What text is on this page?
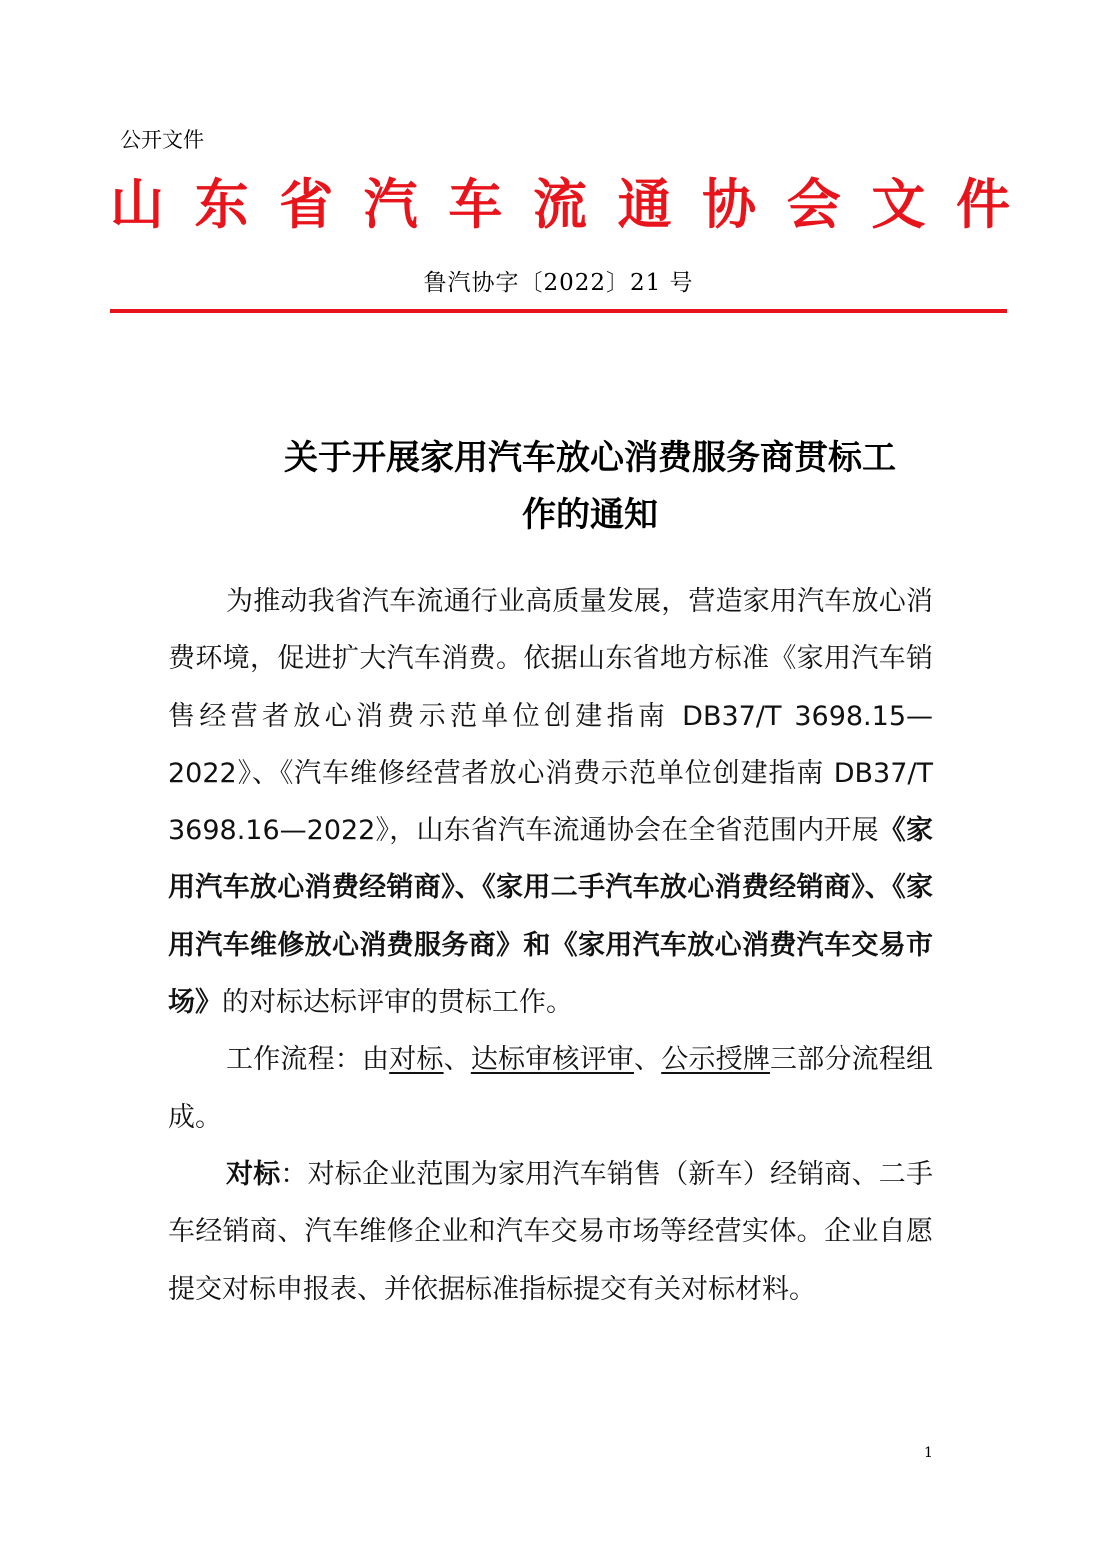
公开文件
山 东 省 汽 车 流 通 协 会 文 件
鲁汽协字〔2022〕21 号
关于开展家用汽车放心消费服务商贯标工
作的通知

为推动我省汽车流通行业高质量发展，营造家用汽车放心消费环境，促进扩大汽车消费。依据山东省地方标准《家用汽车销售经营者放心消费示范单位创建指南 DB37/T 3698.15—2022》、《汽车维修经营者放心消费示范单位创建指南 DB37/T 3698.16—2022》，山东省汽车流通协会在全省范围内开展《家用汽车放心消费经销商》、《家用二手汽车放心消费经销商》、《家用汽车维修放心消费服务商》和《家用汽车放心消费汽车交易市场》的对标达标评审的贯标工作。

工作流程：由对标、达标审核评审、公示授牌三部分流程组成。

对标：对标企业范围为家用汽车销售（新车）经销商、二手车经销商、汽车维修企业和汽车交易市场等经营实体。企业自愿提交对标申报表、并依据标准指标提交有关对标材料。

1
